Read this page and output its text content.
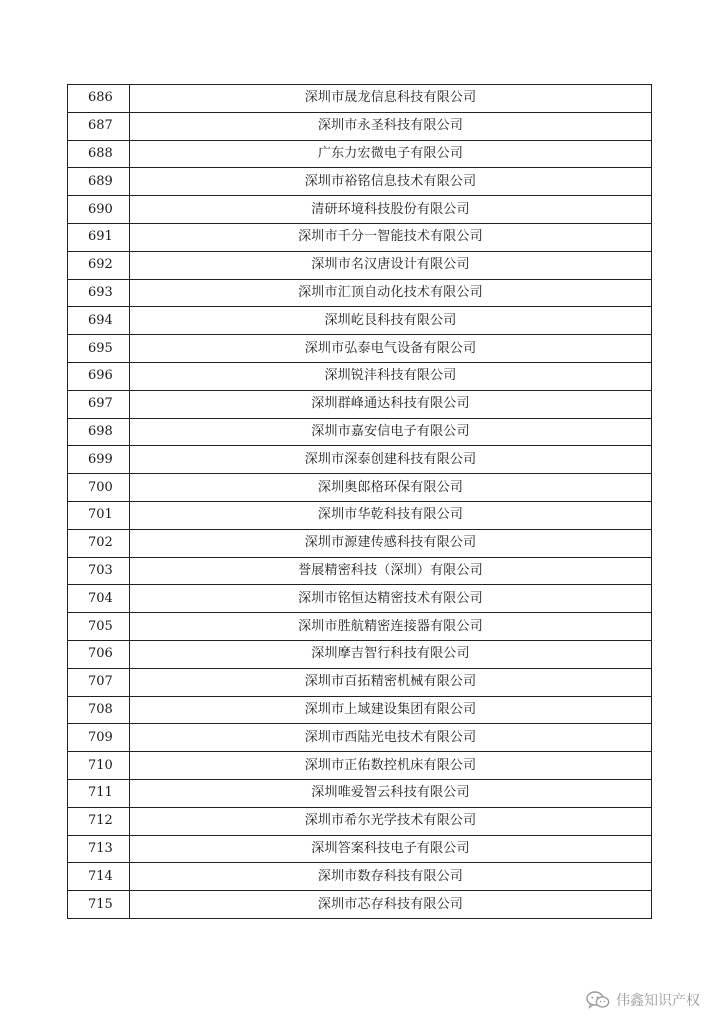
686	深圳市晟龙信息科技有限公司
687	深圳市永圣科技有限公司
688	广东力宏微电子有限公司
689	深圳市裕铭信息技术有限公司
690	清研环境科技股份有限公司
691	深圳市千分一智能技术有限公司
692	深圳市名汉唐设计有限公司
693	深圳市汇顶自动化技术有限公司
694	深圳屹艮科技有限公司
695	深圳市弘泰电气设备有限公司
696	深圳锐沣科技有限公司
697	深圳群峰通达科技有限公司
698	深圳市嘉安信电子有限公司
699	深圳市深泰创建科技有限公司
700	深圳奥郎格环保有限公司
701	深圳市华乾科技有限公司
702	深圳市源建传感科技有限公司
703	誉展精密科技（深圳）有限公司
704	深圳市铭恒达精密技术有限公司
705	深圳市胜航精密连接器有限公司
706	深圳摩吉智行科技有限公司
707	深圳市百拓精密机械有限公司
708	深圳市上域建设集团有限公司
709	深圳市西陆光电技术有限公司
710	深圳市正佑数控机床有限公司
711	深圳唯爱智云科技有限公司
712	深圳市希尔光学技术有限公司
713	深圳答案科技电子有限公司
714	深圳市数存科技有限公司
715	深圳市芯存科技有限公司
伟鑫知识产权
